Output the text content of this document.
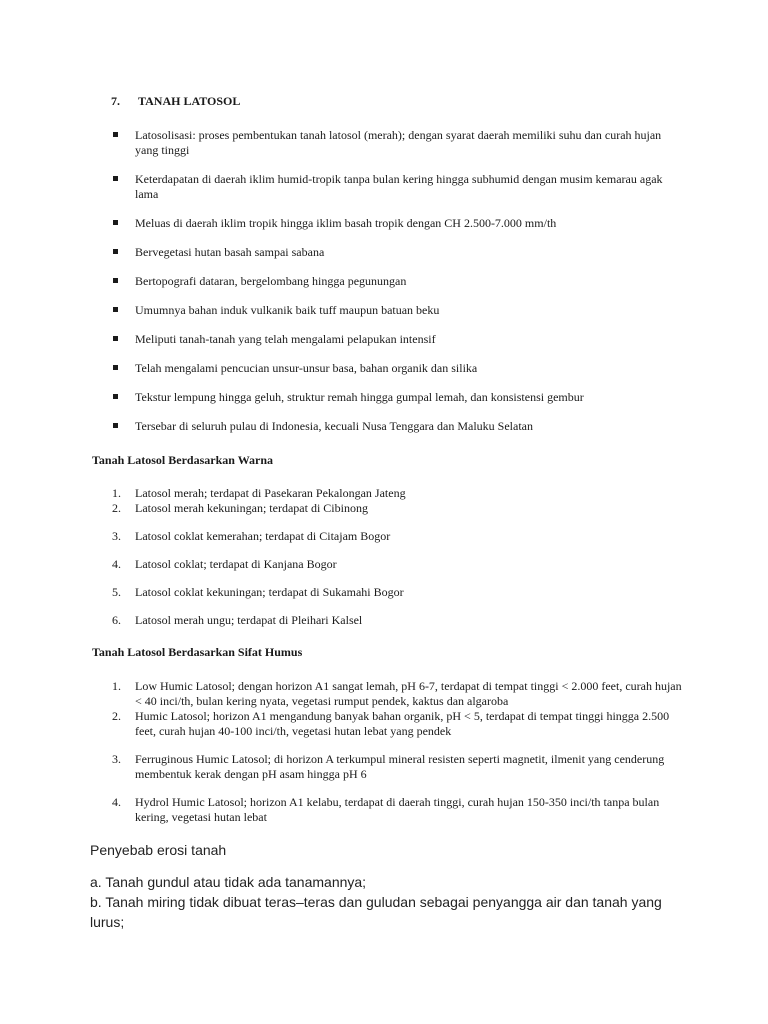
7. TANAH LATOSOL
Latosolisasi: proses pembentukan tanah latosol (merah); dengan syarat daerah memiliki suhu dan curah hujan yang tinggi
Keterdapatan di daerah iklim humid-tropik tanpa bulan kering hingga subhumid dengan musim kemarau agak lama
Meluas di daerah iklim tropik hingga iklim basah tropik dengan CH 2.500-7.000 mm/th
Bervegetasi hutan basah sampai sabana
Bertopografi dataran, bergelombang hingga pegunungan
Umumnya bahan induk vulkanik baik tuff maupun batuan beku
Meliputi tanah-tanah yang telah mengalami pelapukan intensif
Telah mengalami pencucian unsur-unsur basa, bahan organik dan silika
Tekstur lempung hingga geluh, struktur remah hingga gumpal lemah, dan konsistensi gembur
Tersebar di seluruh pulau di Indonesia, kecuali Nusa Tenggara dan Maluku Selatan
Tanah Latosol Berdasarkan Warna
1. Latosol merah; terdapat di Pasekaran Pekalongan Jateng
2. Latosol merah kekuningan; terdapat di Cibinong
3. Latosol coklat kemerahan; terdapat di Citajam Bogor
4. Latosol coklat; terdapat di Kanjana Bogor
5. Latosol coklat kekuningan; terdapat di Sukamahi Bogor
6. Latosol merah ungu; terdapat di Pleihari Kalsel
Tanah Latosol Berdasarkan Sifat Humus
1. Low Humic Latosol; dengan horizon A1 sangat lemah, pH 6-7, terdapat di tempat tinggi < 2.000 feet, curah hujan < 40 inci/th, bulan kering nyata, vegetasi rumput pendek, kaktus dan algaroba
2. Humic Latosol; horizon A1 mengandung banyak bahan organik, pH < 5, terdapat di tempat tinggi hingga 2.500 feet, curah hujan 40-100 inci/th, vegetasi hutan lebat yang pendek
3. Ferruginous Humic Latosol; di horizon A terkumpul mineral resisten seperti magnetit, ilmenit yang cenderung membentuk kerak dengan pH asam hingga pH 6
4. Hydrol Humic Latosol; horizon A1 kelabu, terdapat di daerah tinggi, curah hujan 150-350 inci/th tanpa bulan kering, vegetasi hutan lebat
Penyebab erosi tanah
a. Tanah gundul atau tidak ada tanamannya;
b. Tanah miring tidak dibuat teras–teras dan guludan sebagai penyangga air dan tanah yang lurus;
